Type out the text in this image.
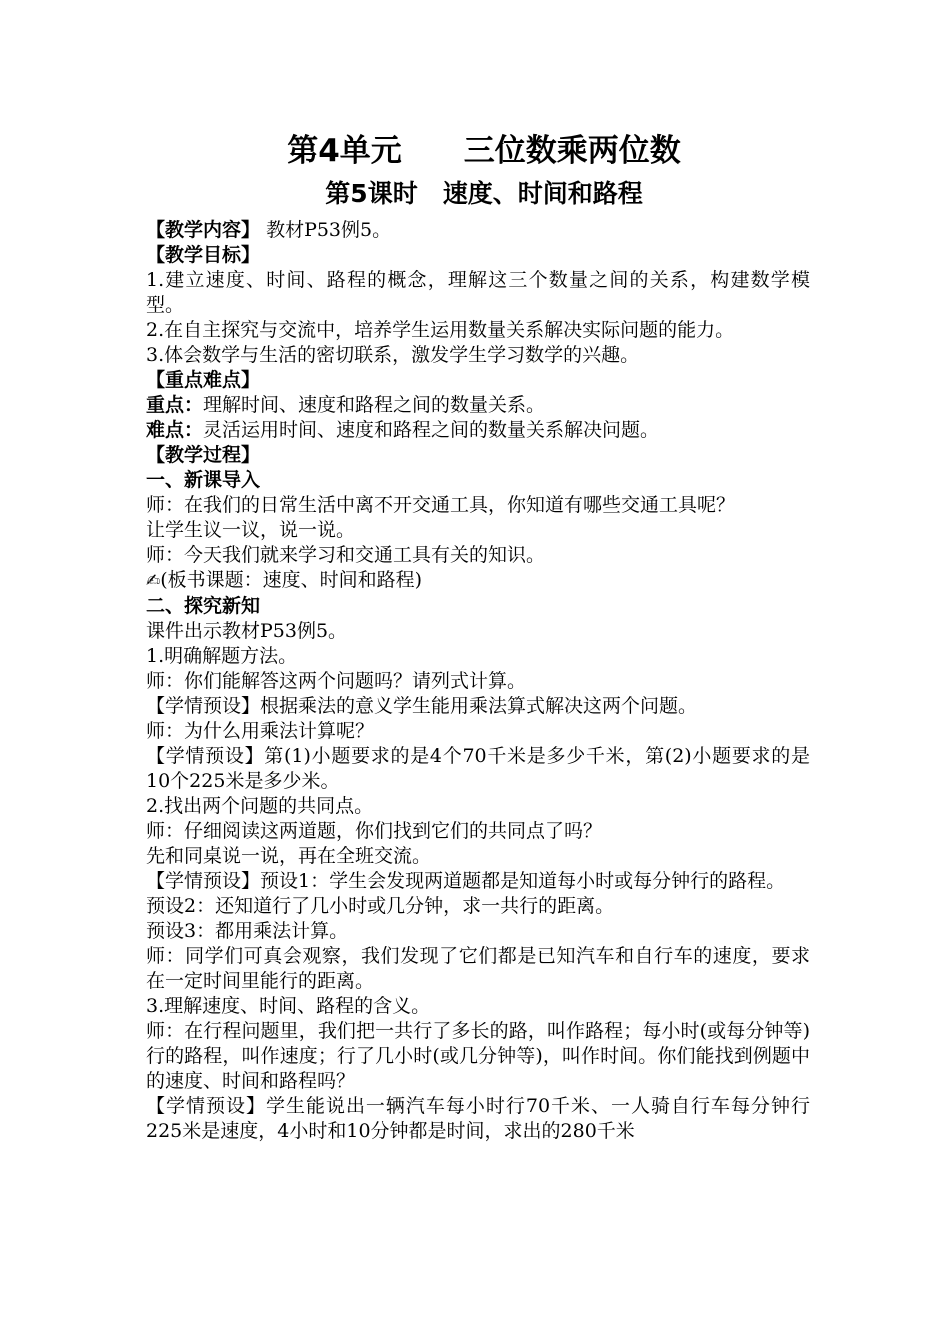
第4单元　　三位数乘两位数
第5课时　速度、时间和路程

【教学内容】 教材P53例5。

【教学目标】

1.建立速度、时间、路程的概念，理解这三个数量之间的关系，构建数学模型。

2.在自主探究与交流中，培养学生运用数量关系解决实际问题的能力。

3.体会数学与生活的密切联系，激发学生学习数学的兴趣。

【重点难点】

重点：理解时间、速度和路程之间的数量关系。

难点：灵活运用时间、速度和路程之间的数量关系解决问题。

【教学过程】

一、新课导入

师：在我们的日常生活中离不开交通工具，你知道有哪些交通工具呢？

让学生议一议，说一说。

师：今天我们就来学习和交通工具有关的知识。

✍(板书课题：速度、时间和路程)

二、探究新知

课件出示教材P53例5。

1.明确解题方法。

师：你们能解答这两个问题吗？请列式计算。

【学情预设】根据乘法的意义学生能用乘法算式解决这两个问题。

师：为什么用乘法计算呢？

【学情预设】第(1)小题要求的是4个70千米是多少千米，第(2)小题要求的是10个225米是多少米。

2.找出两个问题的共同点。

师：仔细阅读这两道题，你们找到它们的共同点了吗？

先和同桌说一说，再在全班交流。

【学情预设】预设1：学生会发现两道题都是知道每小时或每分钟行的路程。

预设2：还知道行了几小时或几分钟，求一共行的距离。

预设3：都用乘法计算。

师：同学们可真会观察，我们发现了它们都是已知汽车和自行车的速度，要求在一定时间里能行的距离。

3.理解速度、时间、路程的含义。

师：在行程问题里，我们把一共行了多长的路，叫作路程；每小时(或每分钟等)行的路程，叫作速度；行了几小时(或几分钟等)，叫作时间。你们能找到例题中的速度、时间和路程吗？

【学情预设】学生能说出一辆汽车每小时行70千米、一人骑自行车每分钟行225米是速度，4小时和10分钟都是时间，求出的280千米
